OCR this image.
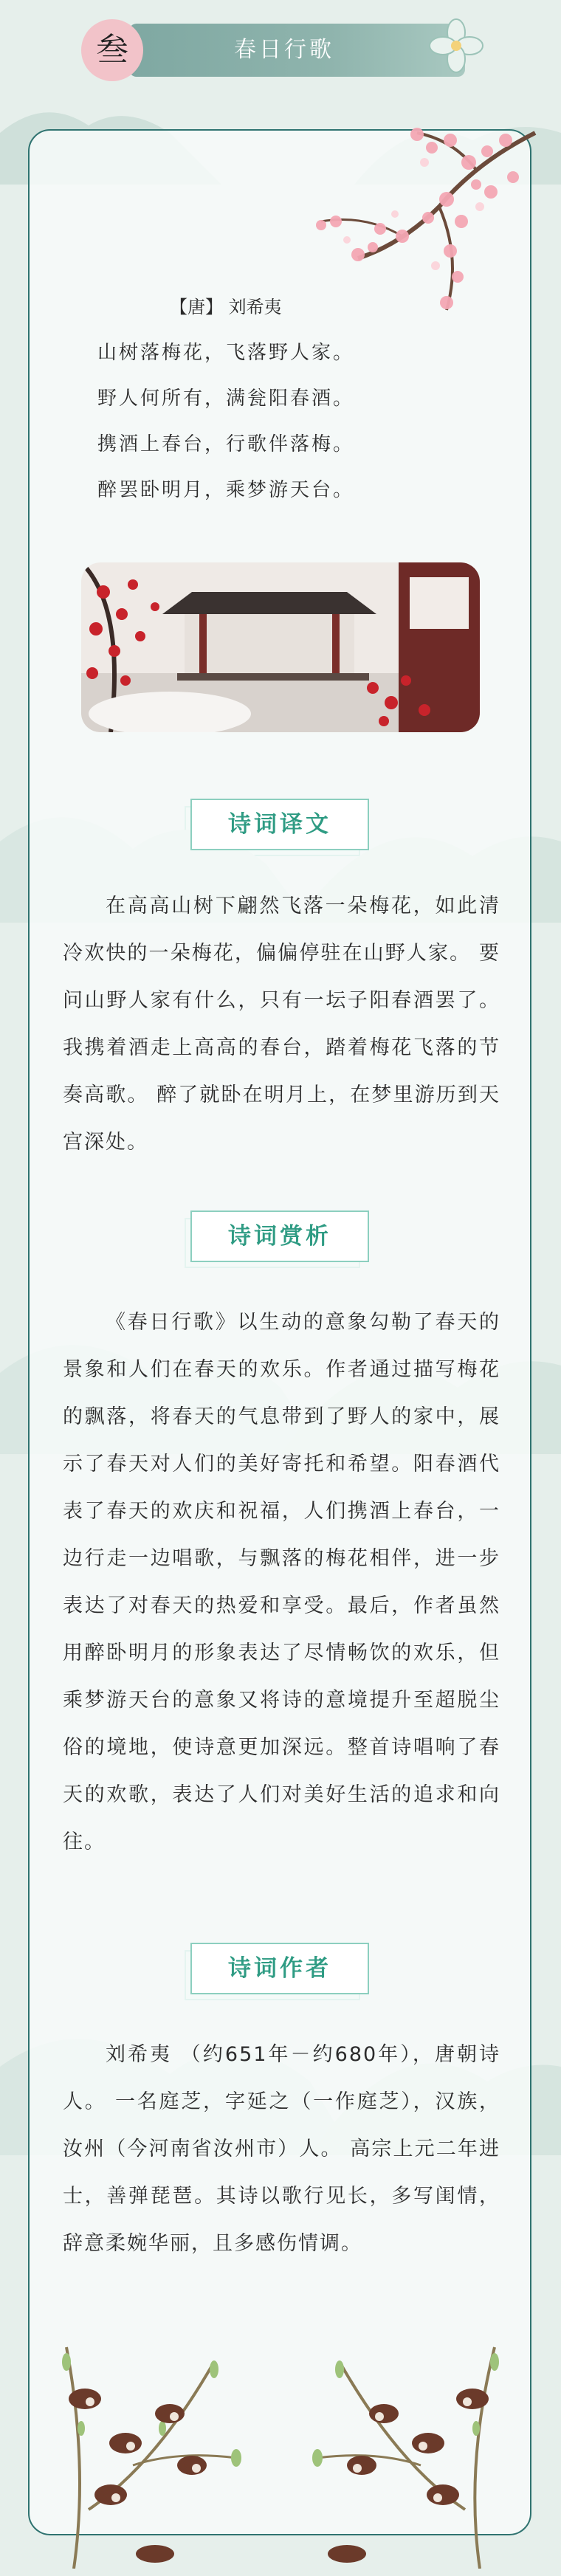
春日行歌
叁
【唐】 刘希夷
山树落梅花，飞落野人家。
野人何所有，满瓮阳春酒。
携酒上春台，行歌伴落梅。
醉罢卧明月，乘梦游天台。
诗词译文

在高高山树下翩然飞落一朵梅花，如此清冷欢快的一朵梅花，偏偏停驻在山野人家。 要问山野人家有什么，只有一坛子阳春酒罢了。 我携着酒走上高高的春台，踏着梅花飞落的节奏高歌。 醉了就卧在明月上，在梦里游历到天宫深处。

诗词赏析

《春日行歌》以生动的意象勾勒了春天的景象和人们在春天的欢乐。作者通过描写梅花的飘落，将春天的气息带到了野人的家中，展示了春天对人们的美好寄托和希望。阳春酒代表了春天的欢庆和祝福，人们携酒上春台，一边行走一边唱歌，与飘落的梅花相伴，进一步表达了对春天的热爱和享受。最后，作者虽然用醉卧明月的形象表达了尽情畅饮的欢乐，但乘梦游天台的意象又将诗的意境提升至超脱尘俗的境地，使诗意更加深远。整首诗唱响了春天的欢歌，表达了人们对美好生活的追求和向往。

诗词作者

刘希夷 （约651年－约680年），唐朝诗人。 一名庭芝，字延之（一作庭芝），汉族，汝州（今河南省汝州市）人。 高宗上元二年进士，善弹琵琶。其诗以歌行见长，多写闺情，辞意柔婉华丽，且多感伤情调。
